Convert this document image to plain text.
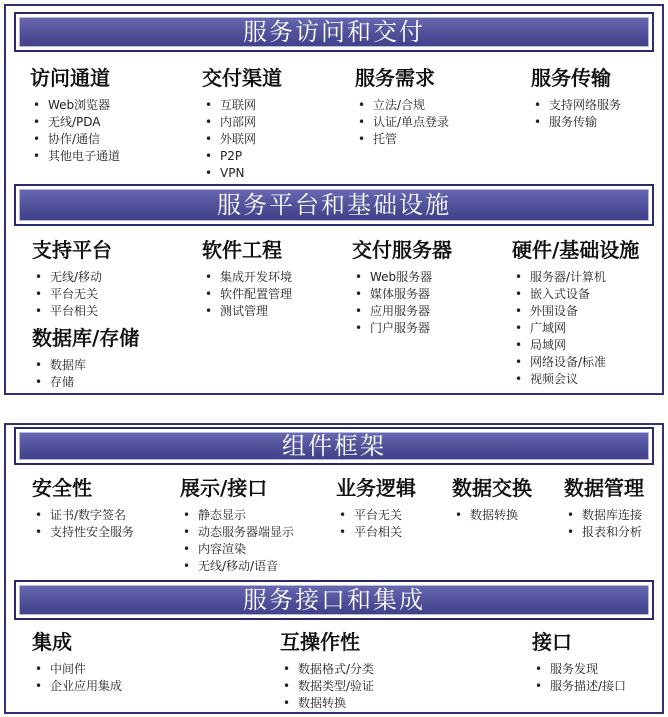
服务访问和交付
访问通道
• Web浏览器
• 无线/PDA
• 协作/通信
• 其他电子通道
交付渠道
• 互联网
• 内部网
• 外联网
• P2P
• VPN
服务需求
• 立法/合规
• 认证/单点登录
• 托管
服务传输
• 支持网络服务
• 服务传输
服务平台和基础设施
支持平台
• 无线/移动
• 平台无关
• 平台相关
数据库/存储
• 数据库
• 存储
软件工程
• 集成开发环境
• 软件配置管理
• 测试管理
交付服务器
• Web服务器
• 媒体服务器
• 应用服务器
• 门户服务器
硬件/基础设施
• 服务器/计算机
• 嵌入式设备
• 外围设备
• 广域网
• 局域网
• 网络设备/标准
• 视频会议
组件框架
安全性
• 证书/数字签名
• 支持性安全服务
展示/接口
• 静态显示
• 动态服务器端显示
• 内容渲染
• 无线/移动/语音
业务逻辑
• 平台无关
• 平台相关
数据交换
• 数据转换
数据管理
• 数据库连接
• 报表和分析
服务接口和集成
集成
• 中间件
• 企业应用集成
互操作性
• 数据格式/分类
• 数据类型/验证
• 数据转换
接口
• 服务发现
• 服务描述/接口
